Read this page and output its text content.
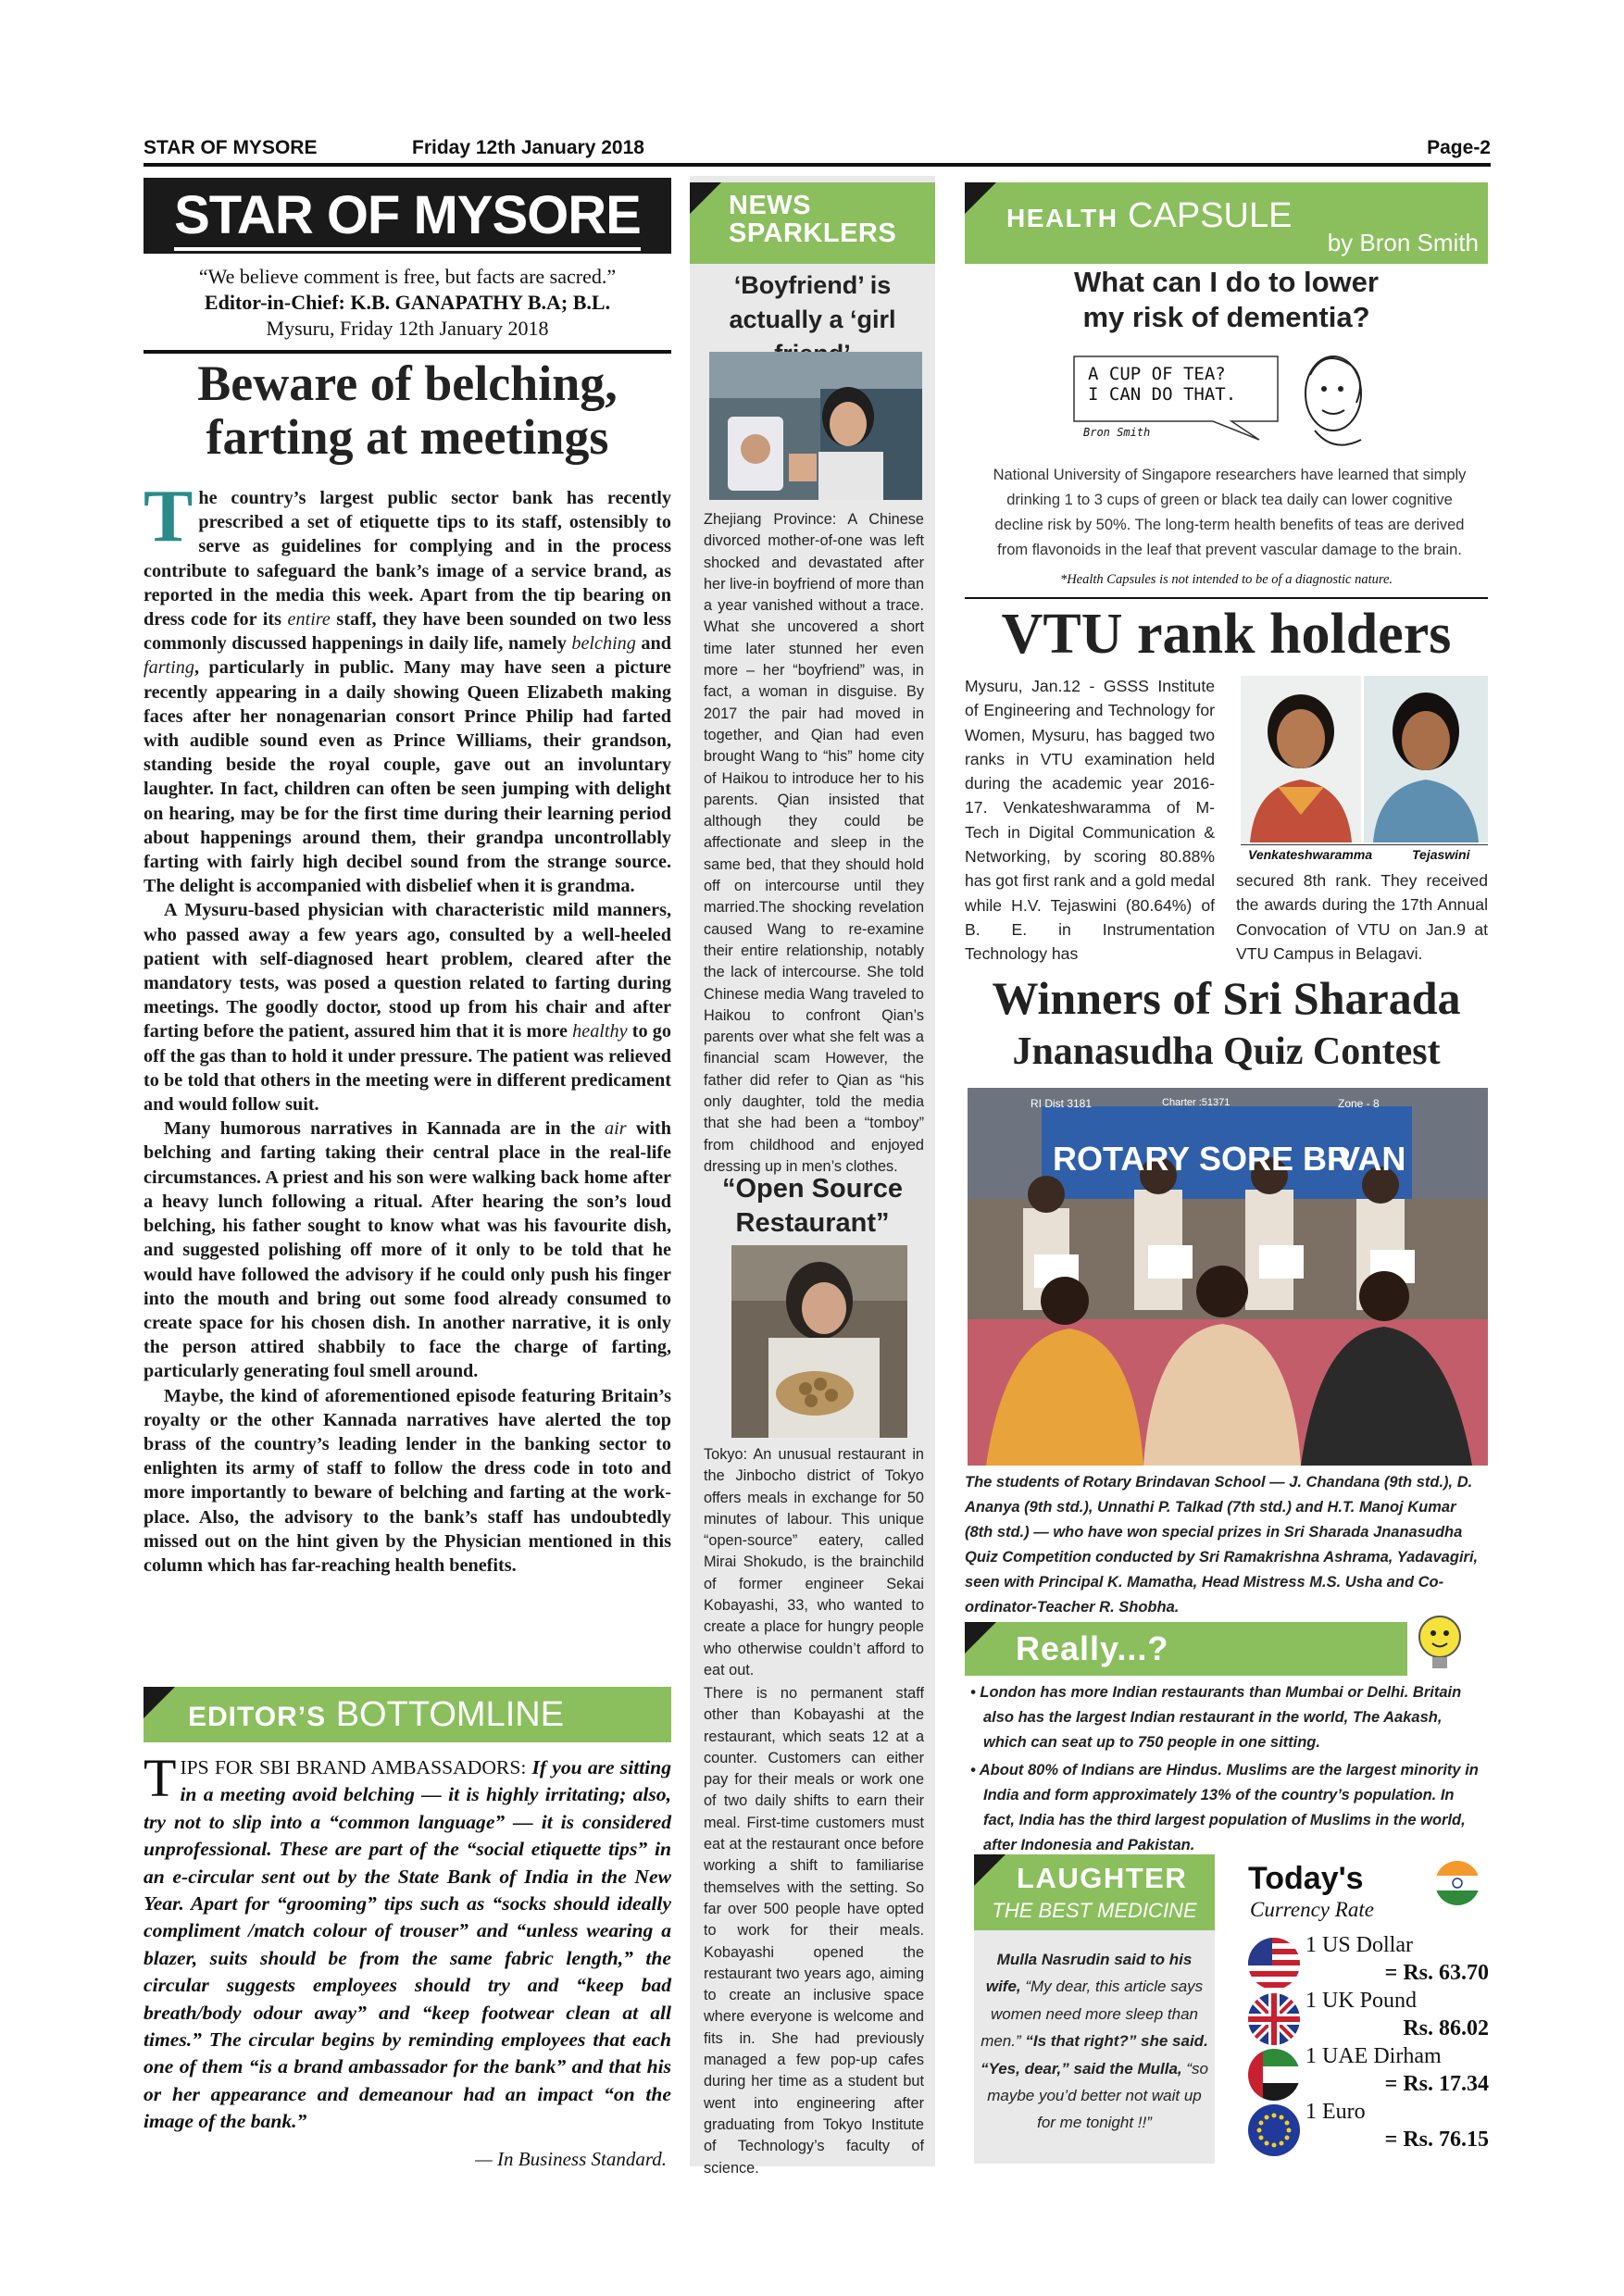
STAR OF MYSORE	Friday 12th January 2018	Page-2
STAR OF MYSORE
“We believe comment is free, but facts are sacred.”
Editor-in-Chief: K.B. GANAPATHY B.A; B.L.
Mysuru, Friday 12th January 2018
Beware of belching,
farting at meetings

The country’s largest public sector bank has recently prescribed a set of etiquette tips to its staff, ostensibly to serve as guidelines for complying and in the process contribute to safeguard the bank’s image of a service brand, as reported in the media this week. Apart from the tip bearing on dress code for its entire staff, they have been sounded on two less commonly discussed happenings in daily life, namely belching and farting, particularly in public. Many may have seen a picture recently appearing in a daily showing Queen Elizabeth making faces after her nonagenarian consort Prince Philip had farted with audible sound even as Prince Williams, their grandson, standing beside the royal couple, gave out an involuntary laughter. In fact, children can often be seen jumping with delight on hearing, may be for the first time during their learning period about happenings around them, their grandpa uncontrollably farting with fairly high decibel sound from the strange source. The delight is accompanied with disbelief when it is grandma.

A Mysuru-based physician with characteristic mild manners, who passed away a few years ago, consulted by a well-heeled patient with self-diagnosed heart problem, cleared after the mandatory tests, was posed a question related to farting during meetings. The goodly doctor, stood up from his chair and after farting before the patient, assured him that it is more healthy to go off the gas than to hold it under pressure. The patient was relieved to be told that others in the meeting were in different predicament and would follow suit.

Many humorous narratives in Kannada are in the air with belching and farting taking their central place in the real-life circumstances. A priest and his son were walking back home after a heavy lunch following a ritual. After hearing the son’s loud belching, his father sought to know what was his favourite dish, and suggested polishing off more of it only to be told that he would have followed the advisory if he could only push his finger into the mouth and bring out some food already consumed to create space for his chosen dish. In another narrative, it is only the person attired shabbily to face the charge of farting, particularly generating foul smell around.

Maybe, the kind of aforementioned episode featuring Britain’s royalty or the other Kannada narratives have alerted the top brass of the country’s leading lender in the banking sector to enlighten its army of staff to follow the dress code in toto and more importantly to beware of belching and farting at the work-place. Also, the advisory to the bank’s staff has undoubtedly missed out on the hint given by the Physician mentioned in this column which has far-reaching health benefits.

EDITOR’S BOTTOMLINE
TIPS FOR SBI BRAND AMBASSADORS: If you are sitting in a meeting avoid belching — it is highly irritating; also, try not to slip into a “common language” — it is considered unprofessional. These are part of the “social etiquette tips” in an e-circular sent out by the State Bank of India in the New Year. Apart for “grooming” tips such as “socks should ideally compliment /match colour of trouser” and “unless wearing a blazer, suits should be from the same fabric length,” the circular suggests employees should try and “keep bad breath/body odour away” and “keep footwear clean at all times.” The circular begins by reminding employees that each one of them “is a brand ambassador for the bank” and that his or her appearance and demeanour had an impact “on the image of the bank.”
— In Business Standard.
NEWS
SPARKLERS
‘Boyfriend’ is
actually a ‘girl
Zhejiang Province: A Chinese divorced mother-of-one was left shocked and devastated after her live-in boyfriend of more than a year vanished without a trace. What she uncovered a short time later stunned her even more – her “boyfriend” was, in fact, a woman in disguise. By 2017 the pair had moved in together, and Qian had even brought Wang to “his” home city of Haikou to introduce her to his parents. Qian insisted that although they could be affectionate and sleep in the same bed, that they should hold off on intercourse until they married.The shocking revelation caused Wang to re-examine their entire relationship, notably the lack of intercourse. She told Chinese media Wang traveled to Haikou to confront Qian’s parents over what she felt was a financial scam However, the father did refer to Qian as “his only daughter, told the media that she had been a “tomboy” from childhood and enjoyed dressing up in men’s clothes.
“Open Source
Restaurant”
Tokyo: An unusual restaurant in the Jinbocho district of Tokyo offers meals in exchange for 50 minutes of labour. This unique “open-source” eatery, called Mirai Shokudo, is the brainchild of former engineer Sekai Kobayashi, 33, who wanted to create a place for hungry people who otherwise couldn’t afford to eat out.
There is no permanent staff other than Kobayashi at the restaurant, which seats 12 at a counter. Customers can either pay for their meals or work one of two daily shifts to earn their meal. First-time customers must eat at the restaurant once before working a shift to familiarise themselves with the setting. So far over 500 people have opted to work for their meals. Kobayashi opened the restaurant two years ago, aiming to create an inclusive space where everyone is welcome and fits in. She had previously managed a few pop-up cafes during her time as a student but went into engineering after graduating from Tokyo Institute of Technology’s faculty of science.
HEALTH CAPSULE
by Bron Smith
What can I do to lower
my risk of dementia?
A CUP OF TEA?
I CAN DO THAT.
Bron Smith
National University of Singapore researchers have learned that simply drinking 1 to 3 cups of green or black tea daily can lower cognitive decline risk by 50%. The long-term health benefits of teas are derived from flavonoids in the leaf that prevent vascular damage to the brain.
*Health Capsules is not intended to be of a diagnostic nature.
VTU rank holders
Mysuru, Jan.12 - GSSS Institute of Engineering and Technology for Women, Mysuru, has bagged two ranks in VTU examination held during the academic year 2016-17. Venkateshwaramma of M-Tech in Digital Communication & Networking, by scoring 80.88% has got first rank and a gold medal while H.V. Tejaswini (80.64%) of B. E. in Instrumentation Technology has
Venkateshwaramma	Tejaswini
secured 8th rank. They received the awards during the 17th Annual Convocation of VTU on Jan.9 at VTU Campus in Belagavi.
Winners of Sri Sharada
Jnanasudha Quiz Contest
RI Dist 3181	Charter :51371	Zone - 8
ROTARY SORE BR
VAN
The students of Rotary Brindavan School — J. Chandana (9th std.), D. Ananya (9th std.), Unnathi P. Talkad (7th std.) and H.T. Manoj Kumar (8th std.) — who have won special prizes in Sri Sharada Jnanasudha Quiz Competition conducted by Sri Ramakrishna Ashrama, Yadavagiri, seen with Principal K. Mamatha, Head Mistress M.S. Usha and Co-ordinator-Teacher R. Shobha.
Really...?
• London has more Indian restaurants than Mumbai or Delhi. Britain also has the largest Indian restaurant in the world, The Aakash, which can seat up to 750 people in one sitting.
• About 80% of Indians are Hindus. Muslims are the largest minority in India and form approximately 13% of the country’s population. In fact, India has the third largest population of Muslims in the world, after Indonesia and Pakistan.
LAUGHTER
THE BEST MEDICINE
Mulla Nasrudin said to his wife, “My dear, this article says women need more sleep than men.” “Is that right?” she said. “Yes, dear,” said the Mulla, “so maybe you’d better not wait up for me tonight !!”
Today's
Currency Rate
1 US Dollar
= Rs. 63.70
1 UK Pound
Rs. 86.02
1 UAE Dirham
= Rs. 17.34
1 Euro
= Rs. 76.15
